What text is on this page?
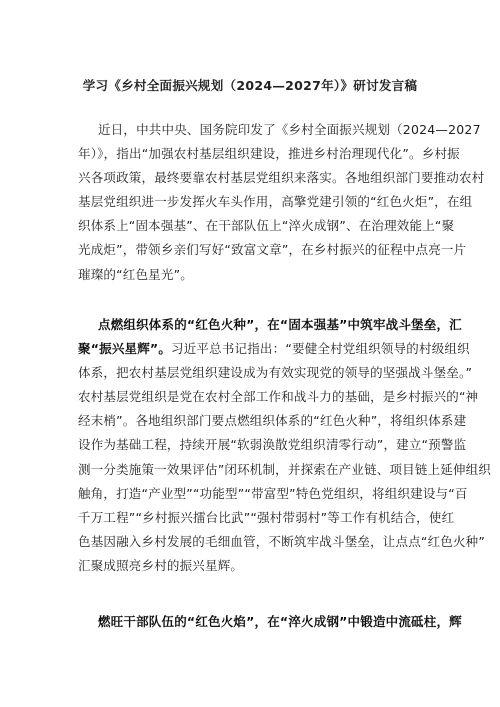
学习《乡村全面振兴规划（2024—2027年）》研讨发言稿
近日，中共中央、国务院印发了《乡村全面振兴规划（2024—2027
年）》，指出“加强农村基层组织建设，推进乡村治理现代化”。乡村振
兴各项政策，最终要靠农村基层党组织来落实。各地组织部门要推动农村
基层党组织进一步发挥火车头作用，高擎党建引领的“红色火炬”，在组
织体系上“固本强基”、在干部队伍上“淬火成钢”、在治理效能上“聚
光成炬”，带领乡亲们写好“致富文章”，在乡村振兴的征程中点亮一片
璀璨的“红色星光”。
点燃组织体系的“红色火种”，在“固本强基”中筑牢战斗堡垒，汇
聚“振兴星辉”。习近平总书记指出：“要健全村党组织领导的村级组织
体系，把农村基层党组织建设成为有效实现党的领导的坚强战斗堡垒。”
农村基层党组织是党在农村全部工作和战斗力的基础，是乡村振兴的“神
经末梢”。各地组织部门要点燃组织体系的“红色火种”，将组织体系建
设作为基础工程，持续开展“软弱涣散党组织清零行动”，建立“预警监
测一分类施策一效果评估”闭环机制，并探索在产业链、项目链上延伸组织
触角，打造“产业型”“功能型”“带富型”特色党组织，将组织建设与“百
千万工程”“乡村振兴擂台比武”“强村带弱村”等工作有机结合，使红
色基因融入乡村发展的毛细血管，不断筑牢战斗堡垒，让点点“红色火种”
汇聚成照亮乡村的振兴星辉。
燃旺干部队伍的“红色火焰”，在“淬火成钢”中锻造中流砥柱，辉
